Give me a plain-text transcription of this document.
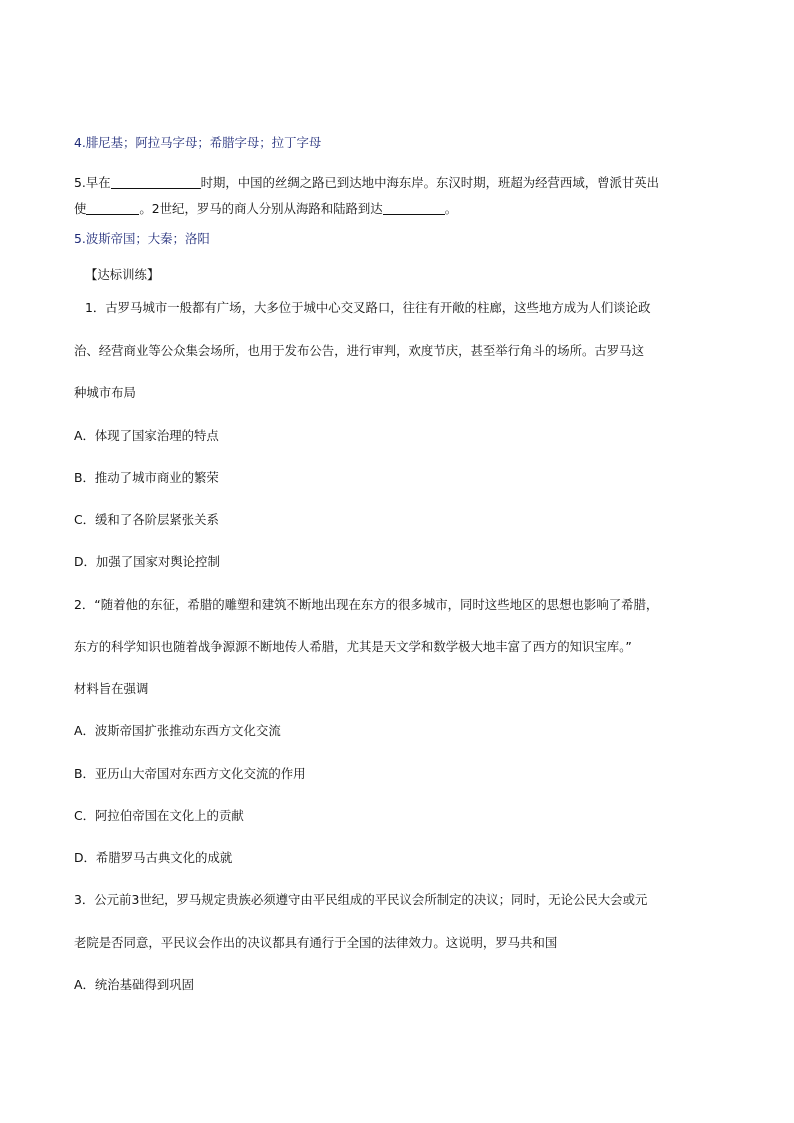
4.腓尼基；阿拉马字母；希腊字母；拉丁字母
5.早在	时期，中国的丝绸之路已到达地中海东岸。东汉时期，班超为经营西域，曾派甘英出
使	。2世纪，罗马的商人分别从海路和陆路到达	。
5.波斯帝国；大秦；洛阳
【达标训练】
1．古罗马城市一般都有广场，大多位于城中心交叉路口，往往有开敞的柱廊，这些地方成为人们谈论政
治、经营商业等公众集会场所，也用于发布公告，进行审判，欢度节庆，甚至举行角斗的场所。古罗马这
种城市布局
A．体现了国家治理的特点
B．推动了城市商业的繁荣
C．缓和了各阶层紧张关系
D．加强了国家对舆论控制
2．“随着他的东征，希腊的雕塑和建筑不断地出现在东方的很多城市，同时这些地区的思想也影响了希腊，
东方的科学知识也随着战争源源不断地传人希腊，尤其是天文学和数学极大地丰富了西方的知识宝库。”
材料旨在强调
A．波斯帝国扩张推动东西方文化交流
B．亚历山大帝国对东西方文化交流的作用
C．阿拉伯帝国在文化上的贡献
D．希腊罗马古典文化的成就
3．公元前3世纪，罗马规定贵族必须遵守由平民组成的平民议会所制定的决议；同时，无论公民大会或元
老院是否同意，平民议会作出的决议都具有通行于全国的法律效力。这说明，罗马共和国
A．统治基础得到巩固
